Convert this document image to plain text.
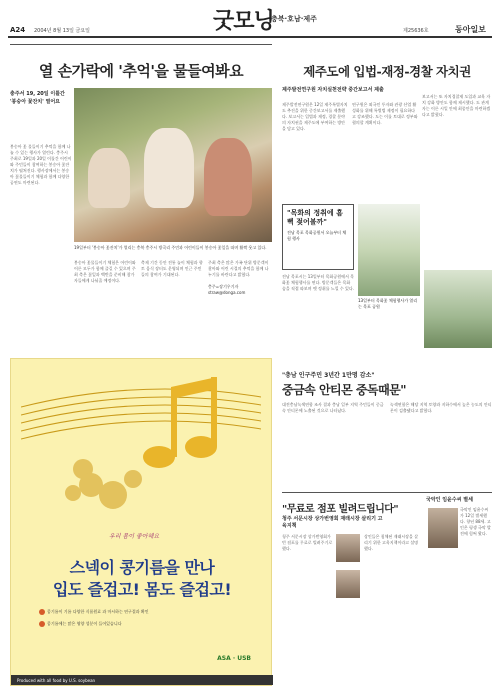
A24 2004년 8월 13일 금요일	굿모닝
충북·호남·제주
제25636호	동아일보
열 손가락에 '추억'을 물들여봐요
충주서 19, 20일 이틀간
'봉숭아 꽃잔치' 열어요
19일부터 '봉숭아 꽃잔치'가 열리는 충북 충주시 방곡리 주민과 어린이들이 봉숭아 꽃잎을 따며 활짝 웃고 있다.
봉숭아 꽃 물들이기 추억을 함께 나눌 수 있는 행사가 열린다. 충주시 주최로 19일과 20일 이틀간 어린이와 주민들이 참여하는 봉숭아 꽃잔치가 펼쳐진다. 행사장에서는 봉숭아 꽃물들이기 체험과 함께 다양한 공연도 마련된다.
봉숭아 꽃물들이기 체험은 어린이와 어른 모두가 함께 즐길 수 있으며 주최 측은 꽃잎과 백반을 준비해 참가자들에게 나눠줄 예정이다.
축제 기간 동안 전통 놀이 체험과 향토 음식 장터도 운영되며 인근 주민들의 참여가 기대된다.
주최 측은 많은 가족 단위 방문객이 찾아와 어린 시절의 추억을 함께 나누기를 바란다고 밝혔다.

충주=장기우기자 straw@donga.com
우리 몸이 좋아해요
스넥이 콩기름을 만나
입도 즐겁고! 몸도 즐겁고!
콩기름이 기름 다양한 식품원료 과 마시하는 연구결과 확인

콩기름에는 많은 영양 성분이 들어있습니다
ASA · USB
Produced with all food by U.S. soybean
제주도에 입법-재정-경찰 자치권
제주발전연구원 자치실천전략 중간보고서 제출
제주발전연구원은 12일 제주특별자치도 추진을 위한 중간보고서를 제출했다. 보고서는 입법과 재정, 경찰 분야의 자치권을 제주도에 부여하는 방안을 담고 있다.
연구원은 외국인 투자와 관광 산업 활성화를 위해 특별법 제정이 필요하다고 강조했다. 도는 이를 토대로 정부와 협의할 계획이다.
보고서는 또 자치경찰제 도입과 교육 자치 강화 방안도 함께 제시했다. 도 관계자는 이른 시일 안에 최종안을 마련하겠다고 밝혔다.
"목화의 정취에 흠뻑 젖어볼까"
전남 목포 목화공원서 오늘부터 체험 행사
13일부터 목화꽃 체험행사가 열리는 목포 공원
전남 목포시는 13일부터 목화공원에서 목화꽃 체험행사를 연다. 방문객들은 목화솜을 직접 따보며 옛 정취를 느낄 수 있다.
"충남 인구주민 3년간 1만명 감소"
중금속 안티몬 중독때문"
대전충남녹색연합 조사 결과 충남 일부 지역 주민들이 중금속 안티몬에 노출된 것으로 나타났다.
녹색연합은 해당 지역 토양과 지하수에서 높은 농도의 안티몬이 검출됐다고 밝혔다.
"무료로 점포 빌려드립니다"
청주 서문시장 상가번영회 재래시장 살리기 고육지책
청주 서문시장 상가번영회가 빈 점포를 무료로 빌려주기로 했다.
상인들은 침체된 재래시장을 살리기 위한 고육지책이라고 설명했다.
국악인 임윤수씨 별세
국악인 임윤수씨가 12일 별세했다. 향년 88세. 고인은 평생 국악 발전에 힘써 왔다.
